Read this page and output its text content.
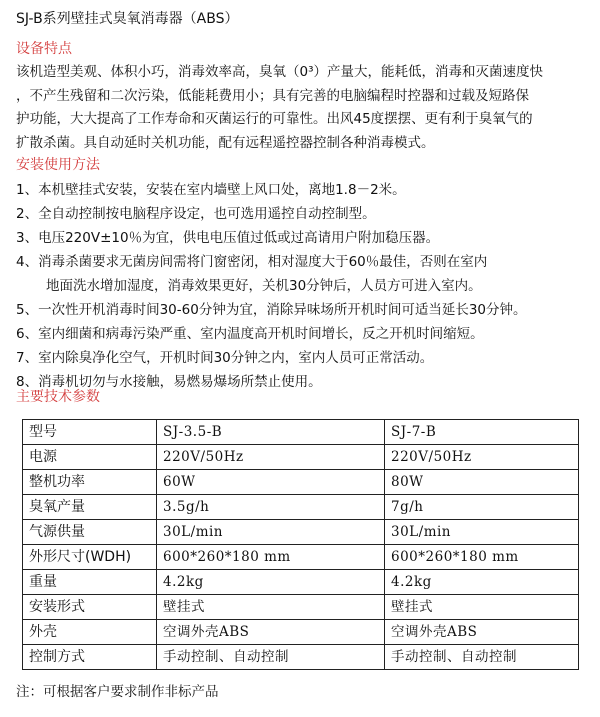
SJ-B系列壁挂式臭氧消毒器（ABS）
设备特点
该机造型美观、体积小巧，消毒效率高，臭氧（0³）产量大，能耗低，消毒和灭菌速度快
，不产生残留和二次污染，低能耗费用小；具有完善的电脑编程时控器和过载及短路保
护功能，大大提高了工作寿命和灭菌运行的可靠性。出风45度摆摆、更有利于臭氧气的
扩散杀菌。具自动延时关机功能，配有远程遥控器控制各种消毒模式。
安装使用方法
1、本机壁挂式安装，安装在室内墙壁上风口处，离地1.8－2米。
2、全自动控制按电脑程序设定，也可选用遥控自动控制型。
3、电压220V±10％为宜，供电电压值过低或过高请用户附加稳压器。
4、消毒杀菌要求无菌房间需将门窗密闭，相对湿度大于60％最佳，否则在室内
地面洗水增加湿度，消毒效果更好，关机30分钟后，人员方可进入室内。
5、一次性开机消毒时间30-60分钟为宜，消除异味场所开机时间可适当延长30分钟。
6、室内细菌和病毒污染严重、室内温度高开机时间增长，反之开机时间缩短。
7、室内除臭净化空气，开机时间30分钟之内，室内人员可正常活动。
8、消毒机切勿与水接触，易燃易爆场所禁止使用。
主要技术参数
型号	SJ-3.5-B	SJ-7-B
电源	220V/50Hz	220V/50Hz
整机功率	60W	80W
臭氧产量	3.5g/h	7g/h
气源供量	30L/min	30L/min
外形尺寸(WDH)	600*260*180 mm	600*260*180 mm
重量	4.2kg	4.2kg
安装形式	壁挂式	壁挂式
外壳	空调外壳ABS	空调外壳ABS
控制方式	手动控制、自动控制	手动控制、自动控制
注：可根据客户要求制作非标产品
